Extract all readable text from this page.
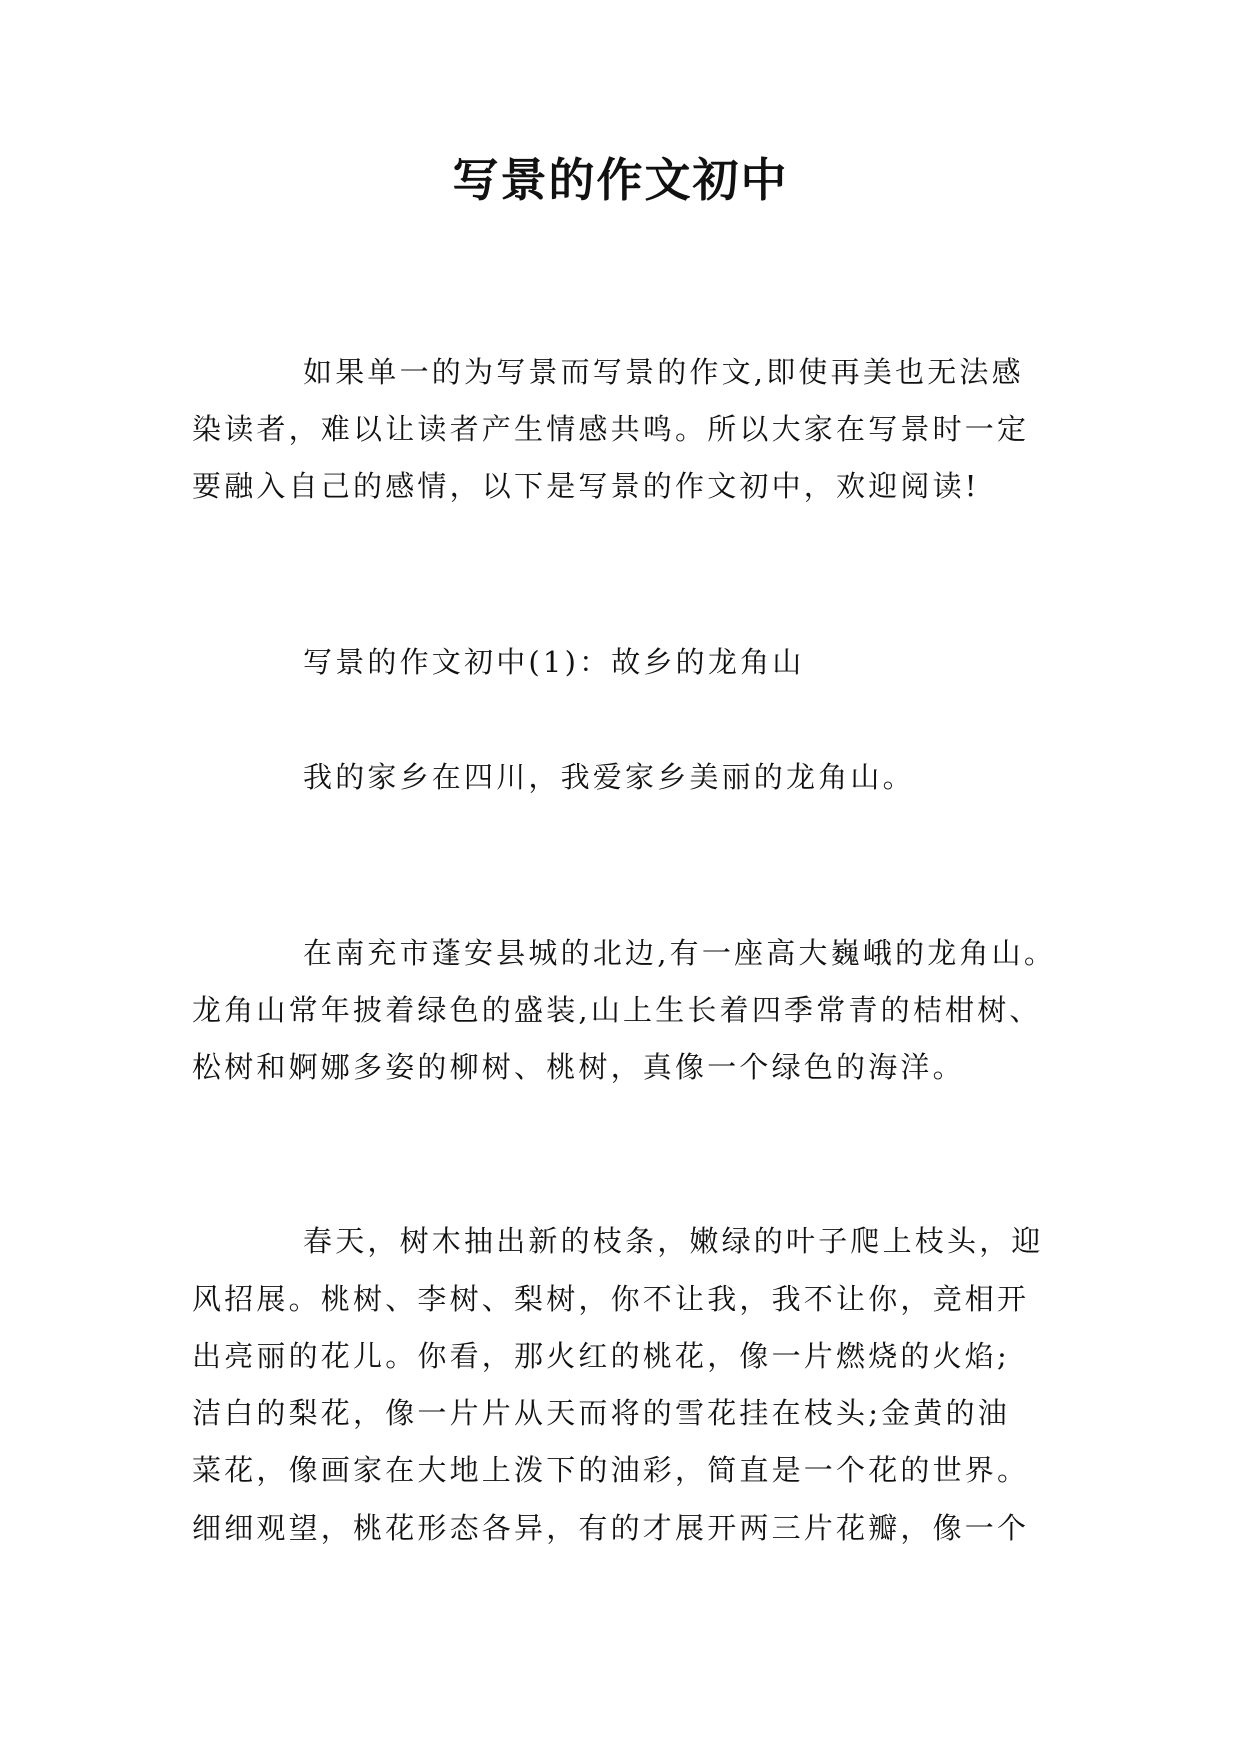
写景的作文初中

如果单一的为写景而写景的作文,即使再美也无法感

染读者，难以让读者产生情感共鸣。所以大家在写景时一定

要融入自己的感情，以下是写景的作文初中，欢迎阅读!

写景的作文初中(1)：故乡的龙角山

我的家乡在四川，我爱家乡美丽的龙角山。

在南充市蓬安县城的北边,有一座高大巍峨的龙角山。

龙角山常年披着绿色的盛装,山上生长着四季常青的桔柑树、

松树和婀娜多姿的柳树、桃树，真像一个绿色的海洋。

春天，树木抽出新的枝条，嫩绿的叶子爬上枝头，迎

风招展。桃树、李树、梨树，你不让我，我不让你，竞相开

出亮丽的花儿。你看，那火红的桃花，像一片燃烧的火焰;

洁白的梨花，像一片片从天而将的雪花挂在枝头;金黄的油

菜花，像画家在大地上泼下的油彩，简直是一个花的世界。

细细观望，桃花形态各异，有的才展开两三片花瓣，像一个
